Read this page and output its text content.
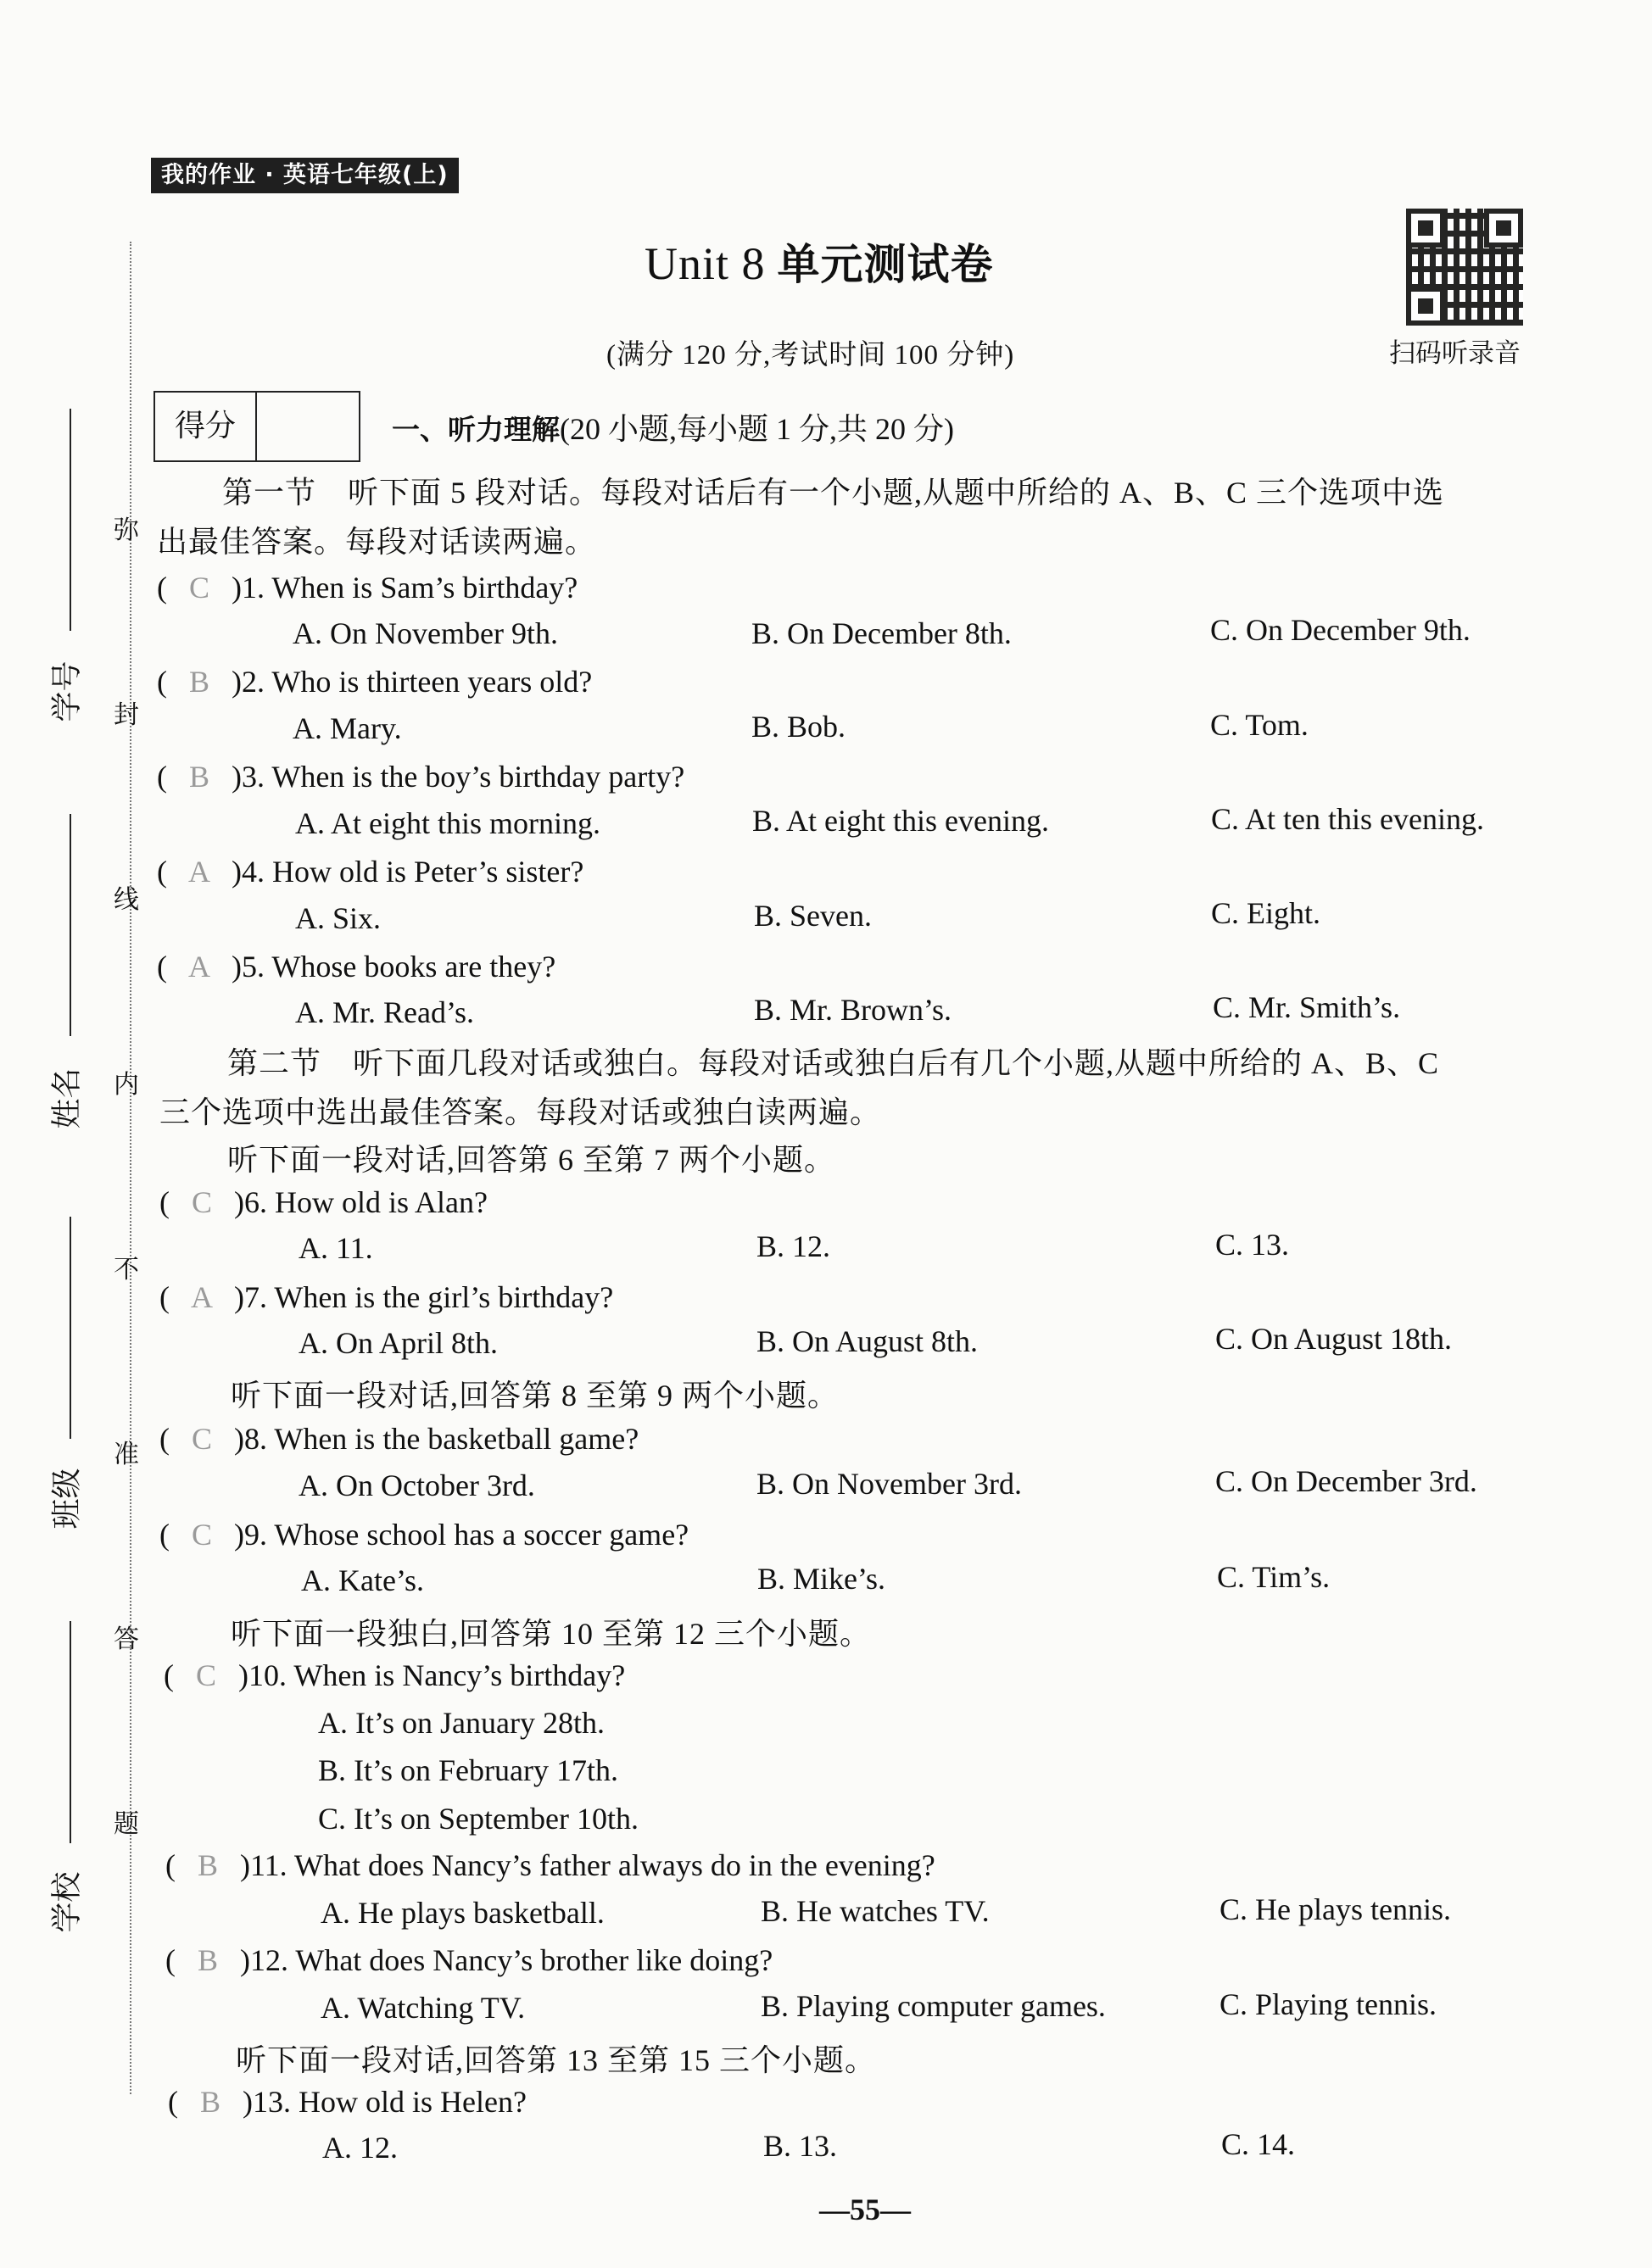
我的作业 · 英语七年级(上)
Unit 8 单元测试卷
(满分 120 分,考试时间 100 分钟)	扫码听录音
得分	一、听力理解(20 小题,每小题 1 分,共 20 分)
第一节　听下面 5 段对话。每段对话后有一个小题,从题中所给的 A、B、C 三个选项中选
出最佳答案。每段对话读两遍。
( C )1. When is Sam’s birthday?
A. On November 9th.	B. On December 8th.	C. On December 9th.
( B )2. Who is thirteen years old?
A. Mary.	B. Bob.	C. Tom.
( B )3. When is the boy’s birthday party?
A. At eight this morning.	B. At eight this evening.	C. At ten this evening.
( A )4. How old is Peter’s sister?
A. Six.	B. Seven.	C. Eight.
( A )5. Whose books are they?
A. Mr. Read’s.	B. Mr. Brown’s.	C. Mr. Smith’s.
第二节　听下面几段对话或独白。每段对话或独白后有几个小题,从题中所给的 A、B、C
三个选项中选出最佳答案。每段对话或独白读两遍。
听下面一段对话,回答第 6 至第 7 两个小题。
( C )6. How old is Alan?
A. 11.	B. 12.	C. 13.
( A )7. When is the girl’s birthday?
A. On April 8th.	B. On August 8th.	C. On August 18th.
听下面一段对话,回答第 8 至第 9 两个小题。
( C )8. When is the basketball game?
A. On October 3rd.	B. On November 3rd.	C. On December 3rd.
( C )9. Whose school has a soccer game?
A. Kate’s.	B. Mike’s.	C. Tim’s.
听下面一段独白,回答第 10 至第 12 三个小题。
( C )10. When is Nancy’s birthday?
A. It’s on January 28th.
B. It’s on February 17th.
C. It’s on September 10th.
( B )11. What does Nancy’s father always do in the evening?
A. He plays basketball.	B. He watches TV.	C. He plays tennis.
( B )12. What does Nancy’s brother like doing?
A. Watching TV.	B. Playing computer games.	C. Playing tennis.
听下面一段对话,回答第 13 至第 15 三个小题。
( B )13. How old is Helen?
A. 12.	B. 13.	C. 14.
弥
封
线
内
不
准
答
题
学号
姓名
班级
学校
—55—
